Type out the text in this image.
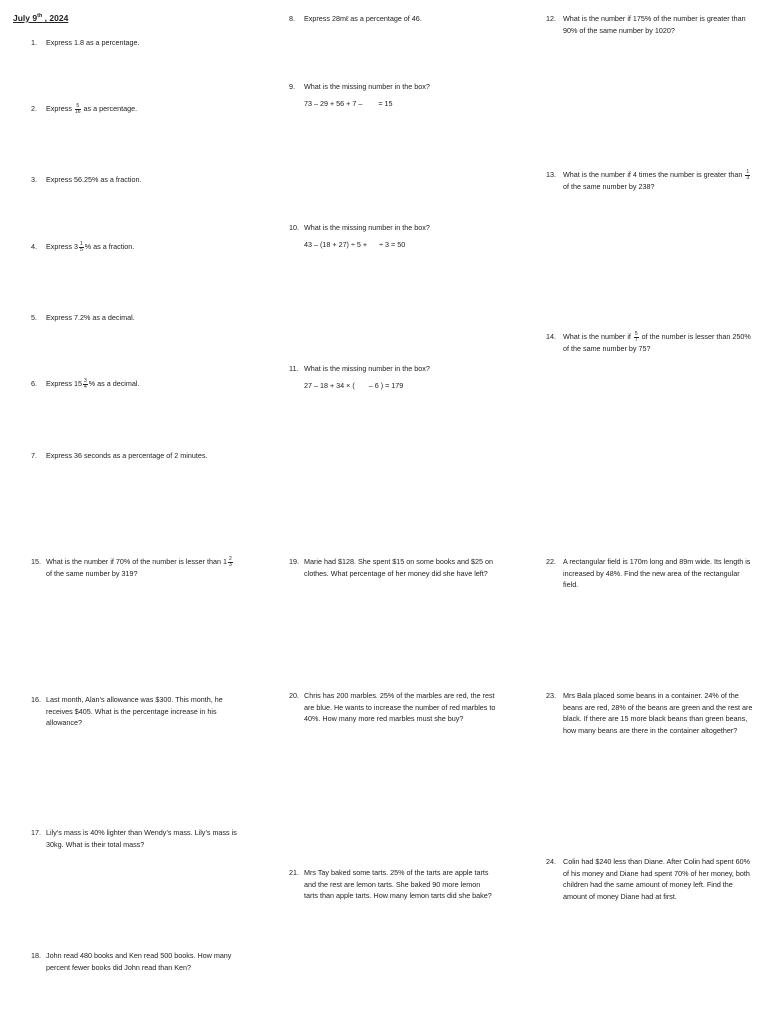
July 9th , 2024
1. Express 1.8 as a percentage.
2. Express $\frac{5}{16}$ as a percentage.
3. Express 56.25% as a fraction.
4. Express $3 \frac{1}{5}$ % as a fraction.
5. Express 7.2% as a decimal.
6. Express $15 \frac{3}{4}$ % as a decimal.
7. Express 36 seconds as a percentage of 2 minutes.
8. Express 28mℓ as a percentage of 46.
9. What is the missing number in the box?
73 – 29 + 56 + 7 –        = 15
10. What is the missing number in the box?
43 – (18 + 27) ÷ 5 +      ÷ 3 = 50
11. What is the missing number in the box?
27 – 18 + 34 × (       – 6 ) = 179
12. What is the number if 175% of the number is greater than 90% of the same number by 1020?
13. What is the number if 4 times the number is greater than $\frac{1}{3}$
of the same number by 238?
14. What is the number if $\frac{5}{7}$ of the number is lesser than 250% of the same number by 75?
15. What is the number if 70% of the number is lesser than $1 \frac{2}{3}$
of the same number by 319?
16. Last month, Alan’s allowance was $300. This month, he receives $405. What is the percentage increase in his allowance?
17. Lily’s mass is 40% lighter than Wendy’s mass. Lily’s mass is 30kg. What is their total mass?
18. John read 480 books and Ken read 500 books. How many percent fewer books did John read than Ken?
19. Marie had $128. She spent $15 on some books and $25 on clothes. What percentage of her money did she have left?
20. Chris has 200 marbles. 25% of the marbles are red, the rest are blue. He wants to increase the number of red marbles to 40%. How many more red marbles must she buy?
21. Mrs Tay baked some tarts. 25% of the tarts are apple tarts and the rest are lemon tarts. She baked 90 more lemon tarts than apple tarts. How many lemon tarts did she bake?
22. A rectangular field is 170m long and 89m wide. Its length is increased by 48%. Find the new area of the rectangular field.
23. Mrs Bala placed some beans in a container. 24% of the beans are red, 28% of the beans are green and the rest are black. If there are 15 more black beans than green beans, how many beans are there in the container altogether?
24. Colin had $240 less than Diane. After Colin had spent 60% of his money and Diane had spent 70% of her money, both children had the same amount of money left. Find the amount of money Diane had at first.
